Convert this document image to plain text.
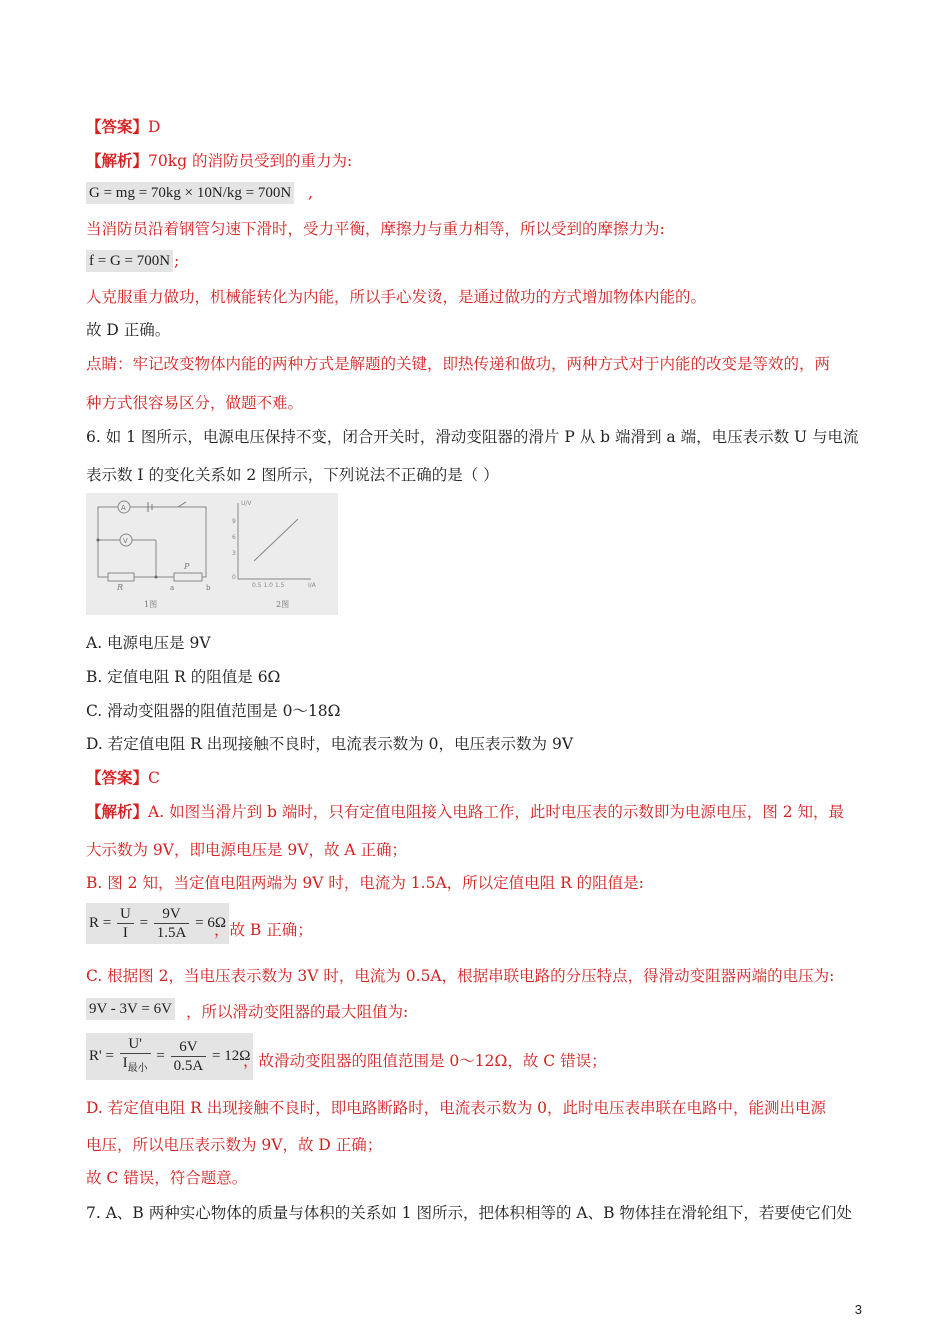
【答案】D
【解析】70kg 的消防员受到的重力为:
G = mg = 70kg × 10N/kg = 700N ,
当消防员沿着钢管匀速下滑时，受力平衡，摩擦力与重力相等，所以受到的摩擦力为:
f = G = 700N ;
人克服重力做功，机械能转化为内能，所以手心发烫，是通过做功的方式增加物体内能的。
故 D 正确。
点睛：牢记改变物体内能的两种方式是解题的关键，即热传递和做功，两种方式对于内能的改变是等效的，两
种方式很容易区分，做题不难。
6. 如 1 图所示，电源电压保持不变，闭合开关时，滑动变阻器的滑片 P 从 b 端滑到 a 端，电压表示数 U 与电流
表示数 I 的变化关系如 2 图所示，下列说法不正确的是（ ）
A
V
R
P
a	b
1图
U/V
9
6
3
0
0.5 1.0 1.5	I/A
2图
A. 电源电压是 9V
B. 定值电阻 R 的阻值是 6Ω
C. 滑动变阻器的阻值范围是 0～18Ω
D. 若定值电阻 R 出现接触不良时，电流表示数为 0，电压表示数为 9V
【答案】C
【解析】A. 如图当滑片到 b 端时，只有定值电阻接入电路工作，此时电压表的示数即为电源电压，图 2 知，最
大示数为 9V，即电源电压是 9V，故 A 正确；
B. 图 2 知，当定值电阻两端为 9V 时，电流为 1.5A，所以定值电阻 R 的阻值是:
$R = \frac{U}{I} = \frac{9V}{1.5A} = 6\Omega$
，故 B 正确；
C. 根据图 2，当电压表示数为 3V 时，电流为 0.5A，根据串联电路的分压特点，得滑动变阻器两端的电压为:
9V - 3V = 6V ，所以滑动变阻器的最大阻值为:
$R' = \frac{U'}{I_{最小}} = \frac{6V}{0.5A} = 12\Omega$
，故滑动变阻器的阻值范围是 0～12Ω，故 C 错误；
D. 若定值电阻 R 出现接触不良时，即电路断路时，电流表示数为 0，此时电压表串联在电路中，能测出电源
电压，所以电压表示数为 9V，故 D 正确；
故 C 错误，符合题意。
7. A、B 两种实心物体的质量与体积的关系如 1 图所示，把体积相等的 A、B 物体挂在滑轮组下，若要使它们处
3
